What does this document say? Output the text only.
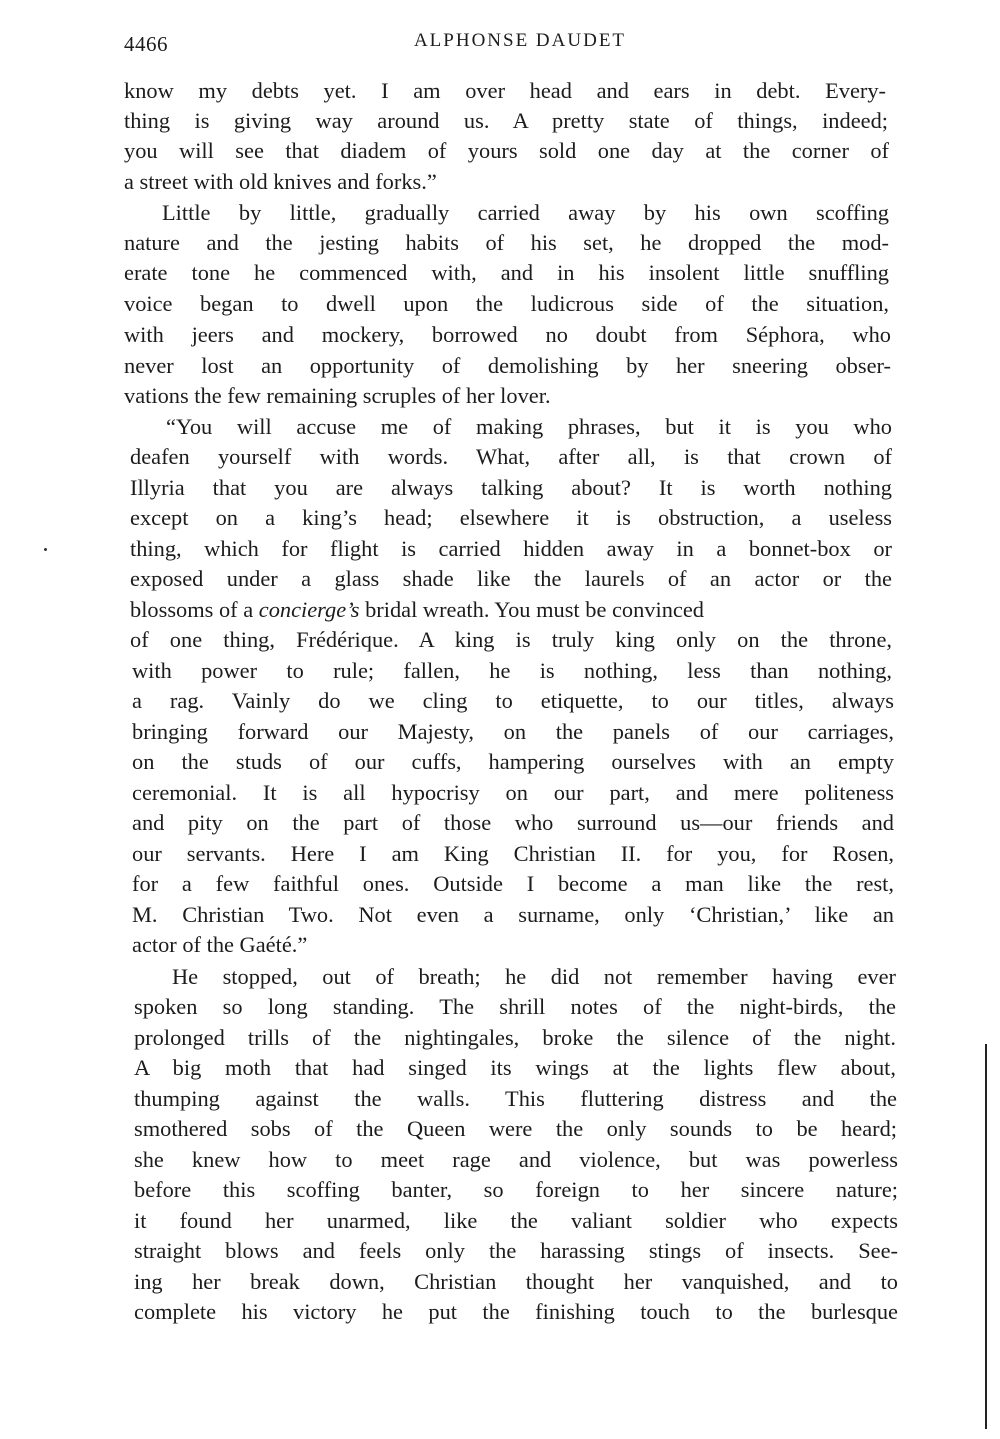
4466	ALPHONSE DAUDET
know my debts yet. I am over head and ears in debt. Every-
thing is giving way around us. A pretty state of things, indeed;
you will see that diadem of yours sold one day at the corner of
a street with old knives and forks.”
Little by little, gradually carried away by his own scoffing
nature and the jesting habits of his set, he dropped the mod-
erate tone he commenced with, and in his insolent little snuffling
voice began to dwell upon the ludicrous side of the situation,
with jeers and mockery, borrowed no doubt from Séphora, who
never lost an opportunity of demolishing by her sneering obser-
vations the few remaining scruples of her lover.
“You will accuse me of making phrases, but it is you who
deafen yourself with words. What, after all, is that crown of
Illyria that you are always talking about? It is worth nothing
except on a king’s head; elsewhere it is obstruction, a useless
thing, which for flight is carried hidden away in a bonnet-box or
exposed under a glass shade like the laurels of an actor or the
blossoms of a concierge’s bridal wreath. You must be convinced
of one thing, Frédérique. A king is truly king only on the throne,
with power to rule; fallen, he is nothing, less than nothing,
a rag. Vainly do we cling to etiquette, to our titles, always
bringing forward our Majesty, on the panels of our carriages,
on the studs of our cuffs, hampering ourselves with an empty
ceremonial. It is all hypocrisy on our part, and mere politeness
and pity on the part of those who surround us—our friends and
our servants. Here I am King Christian II. for you, for Rosen,
for a few faithful ones. Outside I become a man like the rest,
M. Christian Two. Not even a surname, only ‘Christian,’ like an
actor of the Gaété.”
He stopped, out of breath; he did not remember having ever
spoken so long standing. The shrill notes of the night-birds, the
prolonged trills of the nightingales, broke the silence of the night.
A big moth that had singed its wings at the lights flew about,
thumping against the walls. This fluttering distress and the
smothered sobs of the Queen were the only sounds to be heard;
she knew how to meet rage and violence, but was powerless
before this scoffing banter, so foreign to her sincere nature;
it found her unarmed, like the valiant soldier who expects
straight blows and feels only the harassing stings of insects. See-
ing her break down, Christian thought her vanquished, and to
complete his victory he put the finishing touch to the burlesque
